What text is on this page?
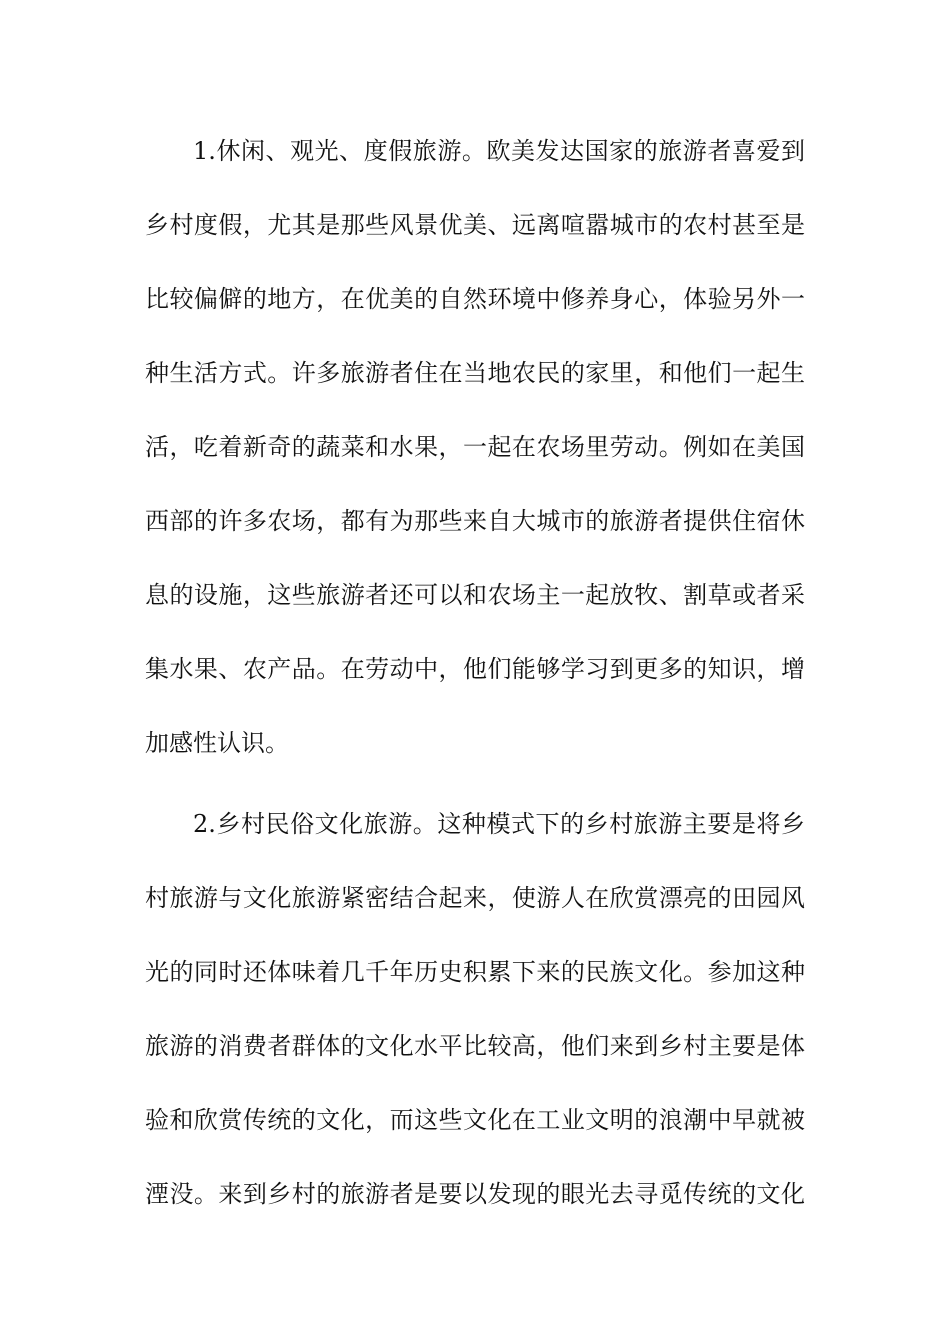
1.休闲、观光、度假旅游。欧美发达国家的旅游者喜爱到
乡村度假，尤其是那些风景优美、远离喧嚣城市的农村甚至是
比较偏僻的地方，在优美的自然环境中修养身心，体验另外一
种生活方式。许多旅游者住在当地农民的家里，和他们一起生
活，吃着新奇的蔬菜和水果，一起在农场里劳动。例如在美国
西部的许多农场，都有为那些来自大城市的旅游者提供住宿休
息的设施，这些旅游者还可以和农场主一起放牧、割草或者采
集水果、农产品。在劳动中，他们能够学习到更多的知识，增
加感性认识。
2.乡村民俗文化旅游。这种模式下的乡村旅游主要是将乡
村旅游与文化旅游紧密结合起来，使游人在欣赏漂亮的田园风
光的同时还体味着几千年历史积累下来的民族文化。参加这种
旅游的消费者群体的文化水平比较高，他们来到乡村主要是体
验和欣赏传统的文化，而这些文化在工业文明的浪潮中早就被
湮没。来到乡村的旅游者是要以发现的眼光去寻觅传统的文化
